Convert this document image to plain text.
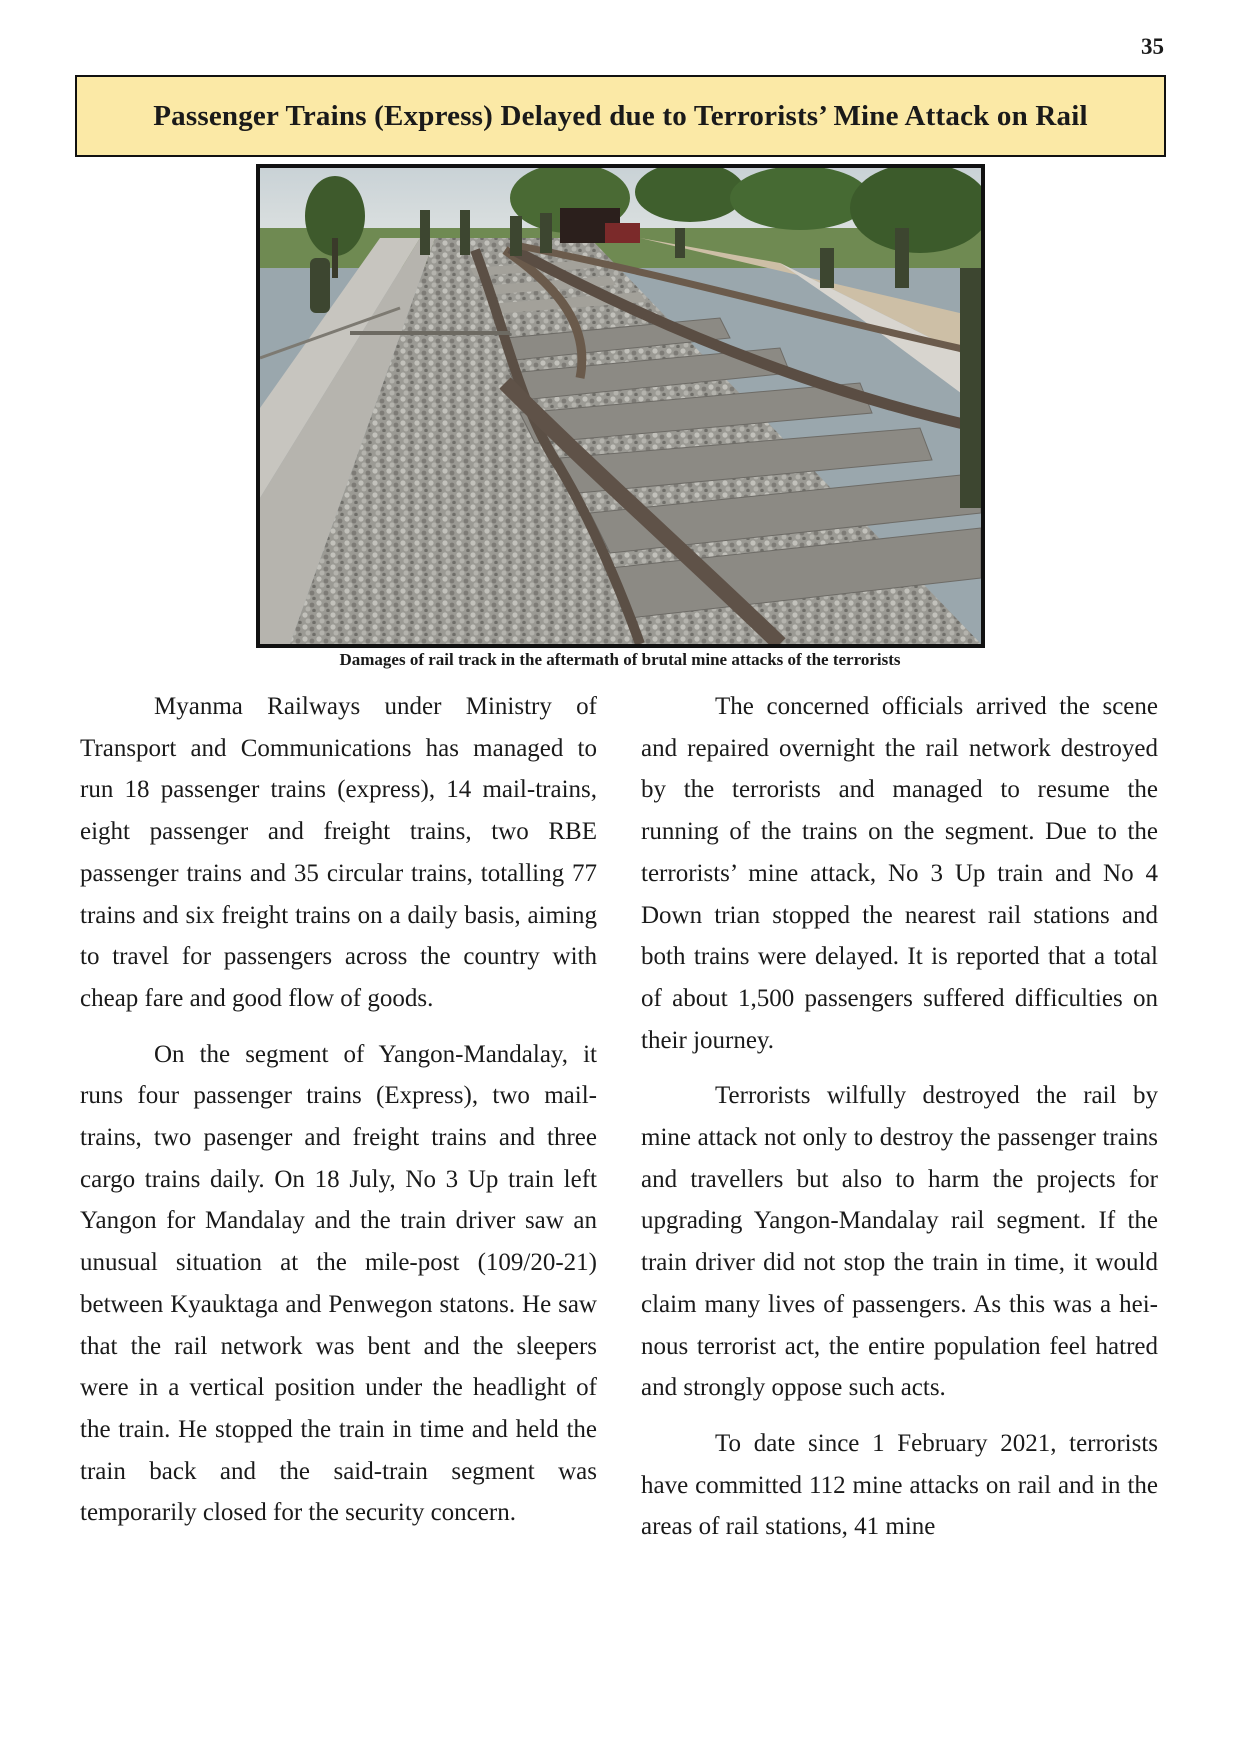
35
Passenger Trains (Express) Delayed due to Terrorists’ Mine Attack on Rail
Damages of rail track in the aftermath of brutal mine attacks of the terrorists

Myanma Railways under Ministry of Transport and Communications has managed to run 18 passenger trains (express), 14 mail-trains, eight passenger and freight trains, two RBE passenger trains and 35 circular trains, totalling 77 trains and six freight trains on a daily basis, aiming to travel for passengers across the country with cheap fare and good flow of goods.

On the segment of Yangon-Mandalay, it runs four passenger trains (Express), two mail-trains, two pasenger and freight trains and three cargo trains daily. On 18 July, No 3 Up train left Yangon for Mandalay and the train driver saw an unusual situation at the mile-post (109/20-21) between Kyauktaga and Penwegon statons. He saw that the rail network was bent and the sleepers were in a vertical position under the headlight of the train. He stopped the train in time and held the train back and the said-train segment was temporarily closed for the security concern.

The concerned officials arrived the scene and repaired overnight the rail network destroyed by the terrorists and managed to resume the running of the trains on the segment. Due to the terrorists’ mine attack, No 3 Up train and No 4 Down trian stopped the nearest rail stations and both trains were delayed. It is reported that a total of about 1,500 passengers suffered difficulties on their journey.

Terrorists wilfully destroyed the rail by mine attack not only to destroy the passenger trains and travellers but also to harm the projects for upgrading Yangon-Mandalay rail segment. If the train driver did not stop the train in time, it would claim many lives of passengers. As this was a heinous terrorist act, the entire population feel hatred and strongly oppose such acts.

To date since 1 February 2021, terrorists have committed 112 mine attacks on rail and in the areas of rail stations, 41 mine
